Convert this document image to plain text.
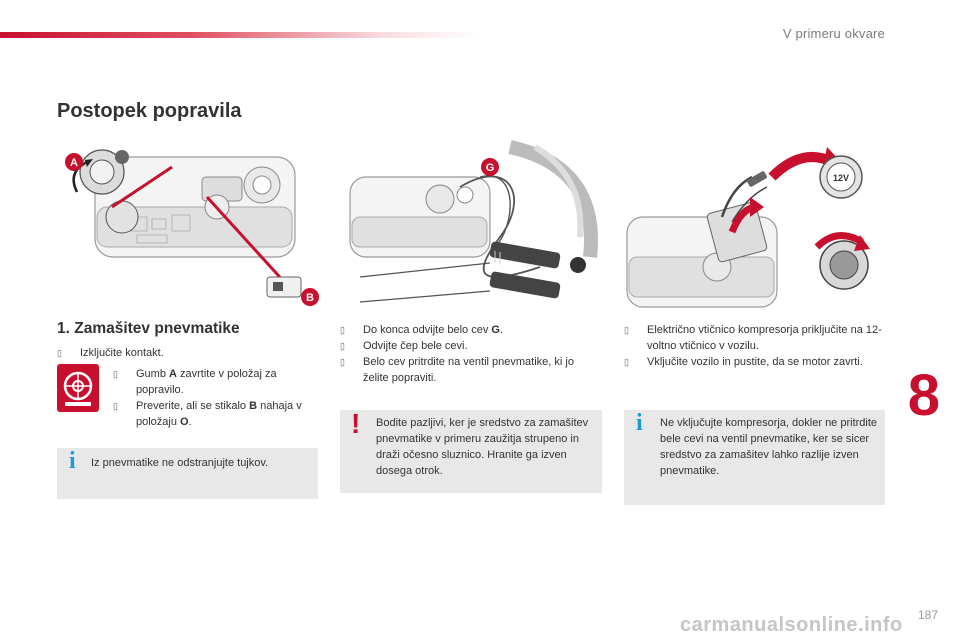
V primeru okvare
Postopek popravila
A
B
G
12V
1. Zamašitev pnevmatike
▯ Izključite kontakt.
▯ Gumb A zavrtite v položaj za popravilo.
▯ Preverite, ali se stikalo B nahaja v položaju O.
i Iz pnevmatike ne odstranjujte tujkov.
▯ Do konca odvijte belo cev G.
▯ Odvijte čep bele cevi.
▯ Belo cev pritrdite na ventil pnevmatike, ki jo želite popraviti.
! Bodite pazljivi, ker je sredstvo za zamašitev pnevmatike v primeru zaužitja strupeno in draži očesno sluznico. Hranite ga izven dosega otrok.
▯ Električno vtičnico kompresorja priključite na 12-voltno vtičnico v vozilu.
▯ Vključite vozilo in pustite, da se motor zavrti.
i Ne vključujte kompresorja, dokler ne pritrdite bele cevi na ventil pnevmatike, ker se sicer sredstvo za zamašitev lahko razlije izven pnevmatike.
8
187
carmanualsonline.info
